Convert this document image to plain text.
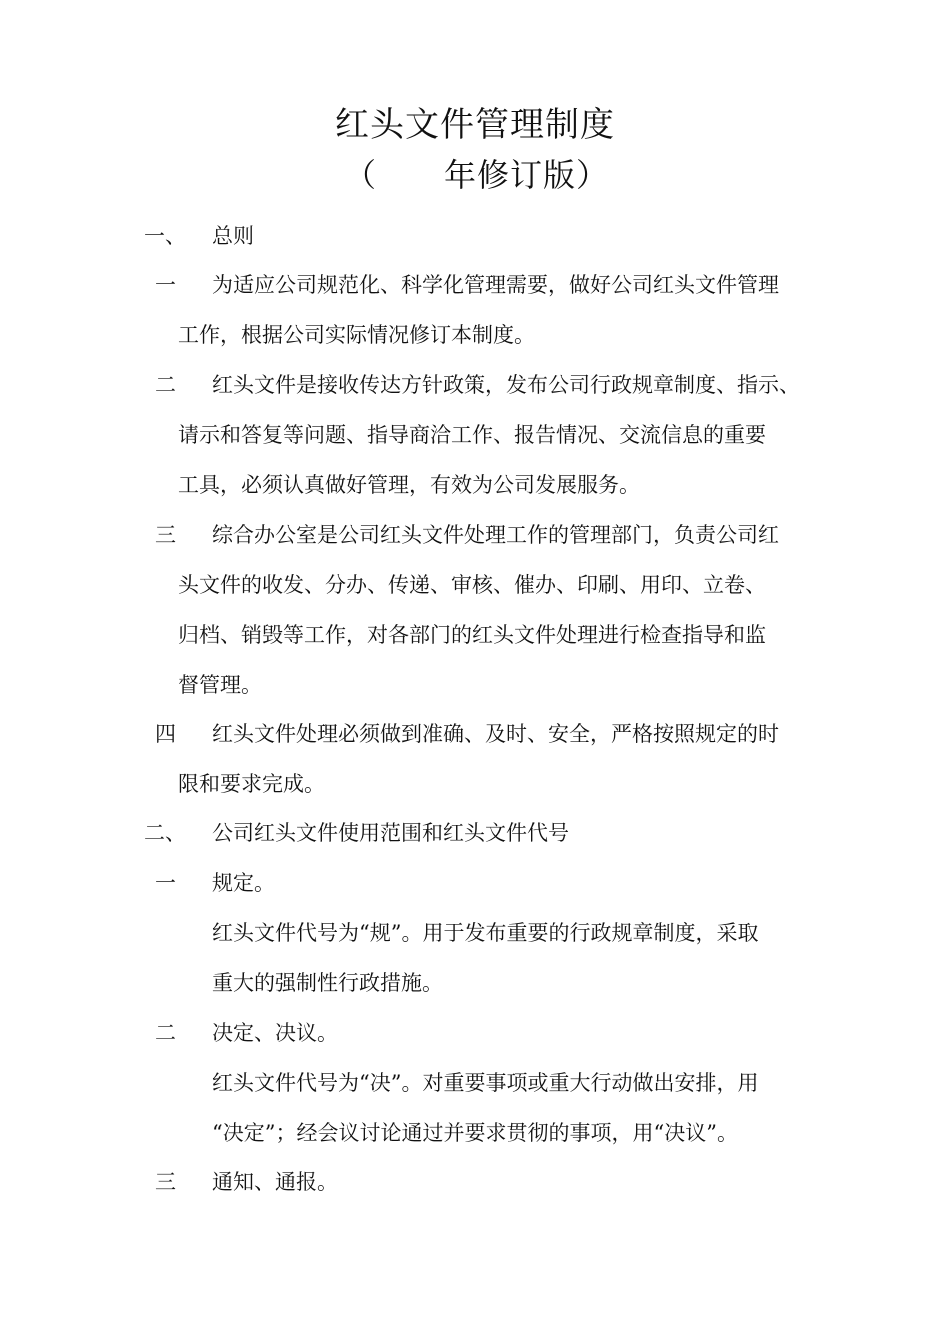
红头文件管理制度
（ 年修订版）
一、 总则
一 为适应公司规范化、科学化管理需要，做好公司红头文件管理
工作，根据公司实际情况修订本制度。
二 红头文件是接收传达方针政策，发布公司行政规章制度、指示、
请示和答复等问题、指导商洽工作、报告情况、交流信息的重要
工具，必须认真做好管理，有效为公司发展服务。
三 综合办公室是公司红头文件处理工作的管理部门，负责公司红
头文件的收发、分办、传递、审核、催办、印刷、用印、立卷、
归档、销毁等工作，对各部门的红头文件处理进行检查指导和监
督管理。
四 红头文件处理必须做到准确、及时、安全，严格按照规定的时
限和要求完成。
二、 公司红头文件使用范围和红头文件代号
一 规定。
红头文件代号为“规”。用于发布重要的行政规章制度，采取
重大的强制性行政措施。
二 决定、决议。
红头文件代号为“决”。对重要事项或重大行动做出安排，用
“决定”；经会议讨论通过并要求贯彻的事项，用“决议”。
三 通知、通报。
